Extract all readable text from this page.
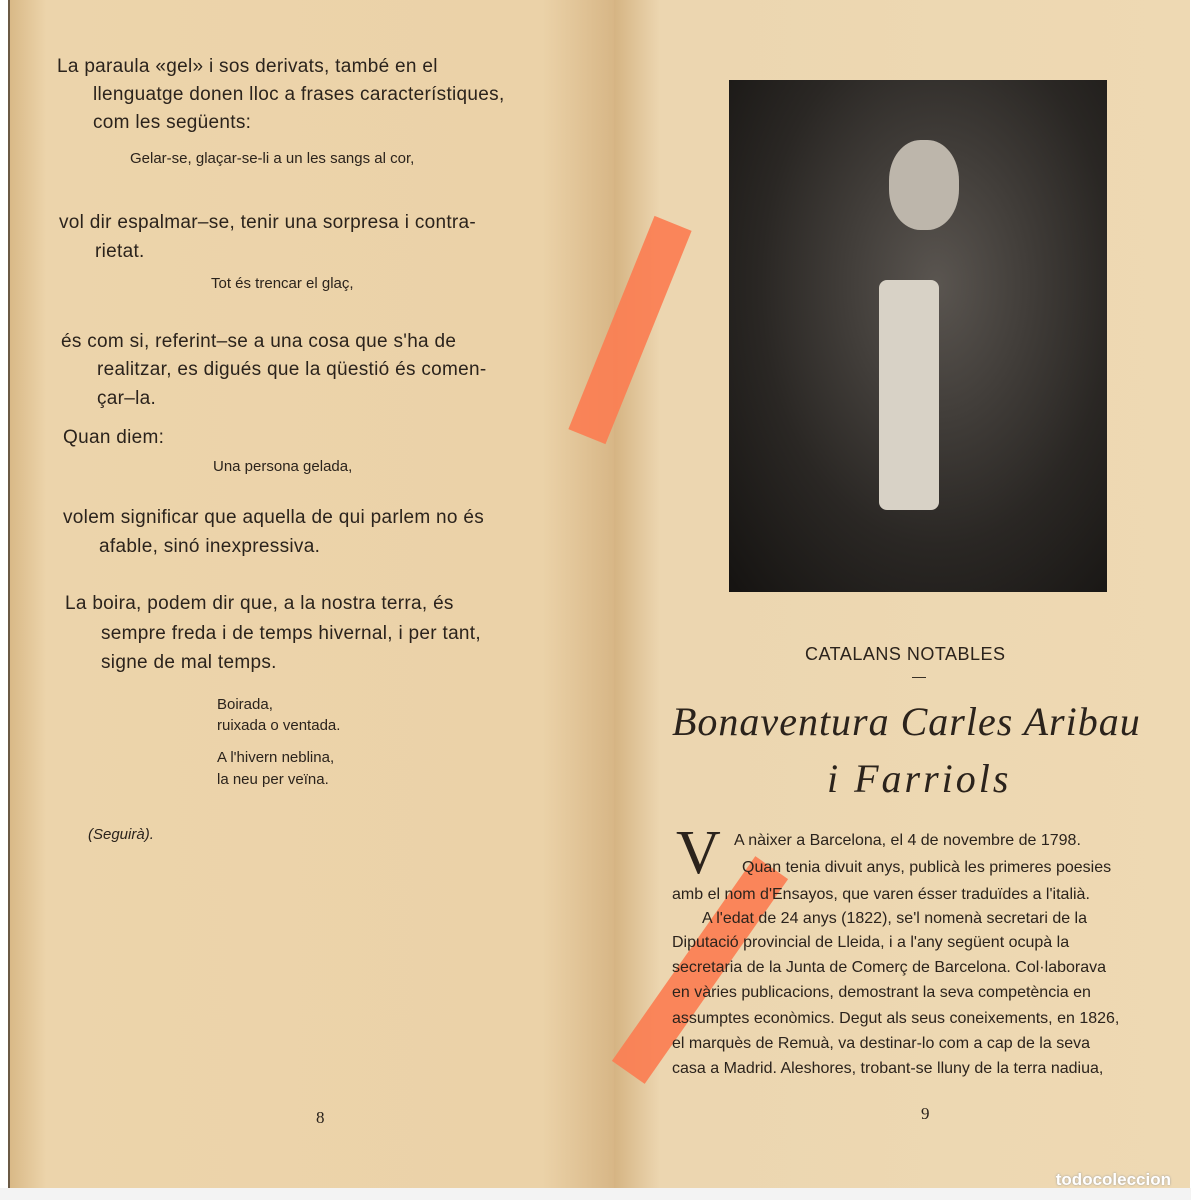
La paraula «gel» i sos derivats, també en el
llenguatge donen lloc a frases característiques,
com les següents:
Gelar-se, glaçar-se-li a un les sangs al cor,
vol dir espalmar–se, tenir una sorpresa i contra-
rietat.
Tot és trencar el glaç,
és com si, referint–se a una cosa que s'ha de
realitzar, es digués que la qüestió és comen-
çar–la.
Quan diem:
Una persona gelada,
volem significar que aquella de qui parlem no és
afable, sinó inexpressiva.
La boira, podem dir que, a la nostra terra, és
sempre freda i de temps hivernal, i per tant,
signe de mal temps.
Boirada,
ruixada o ventada.
A l'hivern neblina,
la neu per veïna.
(Seguirà).
8
CATALANS NOTABLES
—
Bonaventura Carles Aribau
i Farriols
V A nàixer a Barcelona, el 4 de novembre de 1798.
Quan tenia divuit anys, publicà les primeres poesies
amb el nom d'Ensayos, que varen ésser traduïdes a l'italià.
A l'edat de 24 anys (1822), se'l nomenà secretari de la
Diputació provincial de Lleida, i a l'any següent ocupà la
secretaria de la Junta de Comerç de Barcelona. Col·laborava
en vàries publicacions, demostrant la seva competència en
assumptes econòmics. Degut als seus coneixements, en 1826,
el marquès de Remuà, va destinar-lo com a cap de la seva
casa a Madrid. Aleshores, trobant-se lluny de la terra nadiua,
9
todocoleccion
